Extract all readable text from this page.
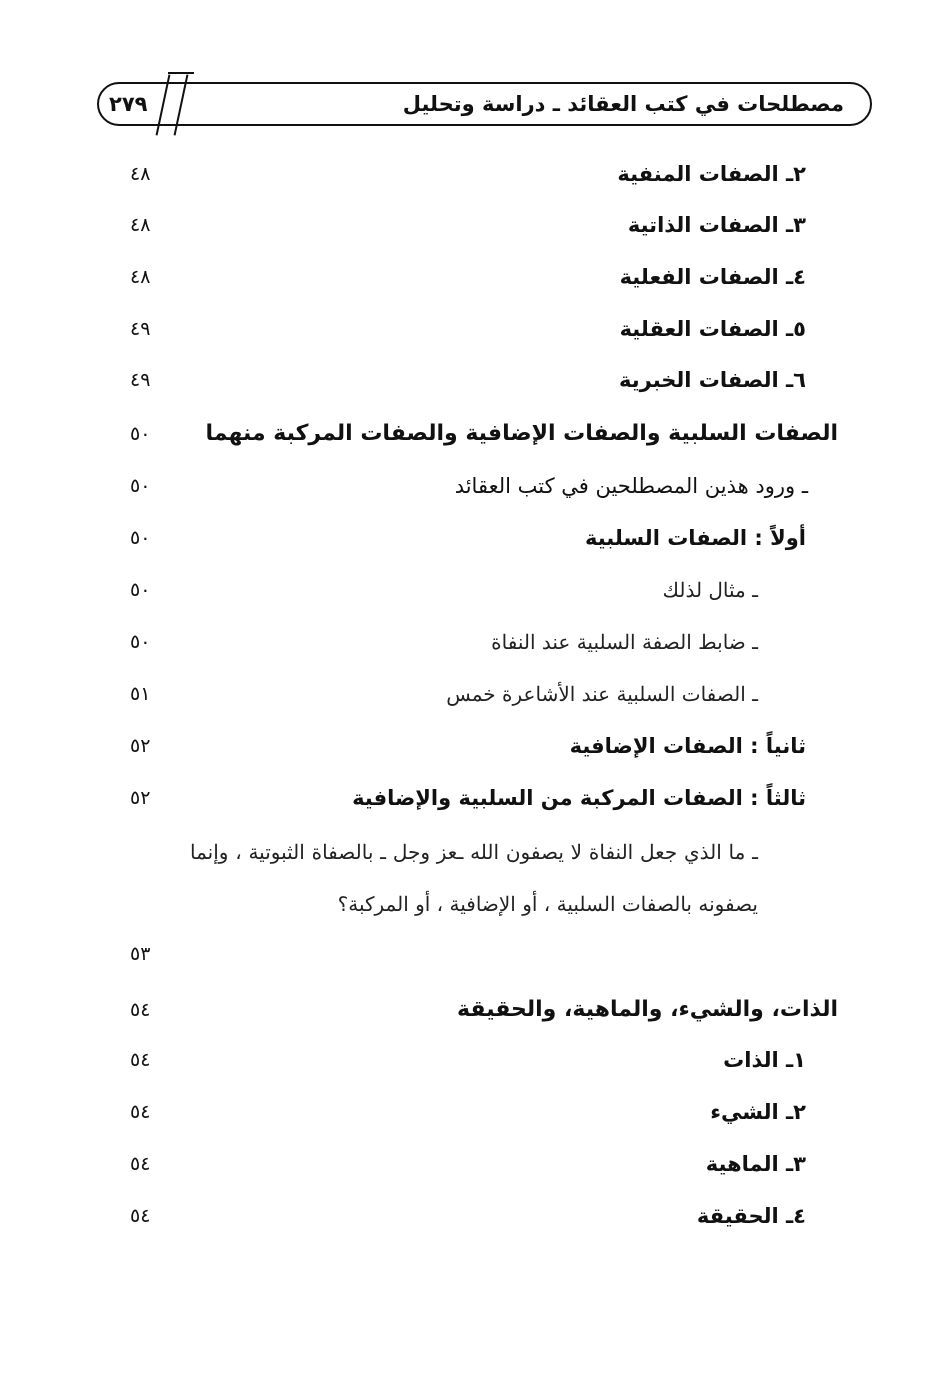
مصطلحات في كتب العقائد ـ دراسة وتحليل
٢٧٩
٢ـ الصفات المنفية
٤٨
٣ـ الصفات الذاتية
٤٨
٤ـ الصفات الفعلية
٤٨
٥ـ الصفات العقلية
٤٩
٦ـ الصفات الخبرية
٤٩
الصفات السلبية والصفات الإضافية والصفات المركبة منهما
٥٠
ـ ورود هذين المصطلحين في كتب العقائد
٥٠
أولاً : الصفات السلبية
٥٠
ـ مثال لذلك
٥٠
ـ ضابط الصفة السلبية عند النفاة
٥٠
ـ الصفات السلبية عند الأشاعرة خمس
٥١
ثانياً : الصفات الإضافية
٥٢
ثالثاً : الصفات المركبة من السلبية والإضافية
٥٢
ـ ما الذي جعل النفاة لا يصفون الله ـعز وجل ـ بالصفاة الثبوتية ، وإنما يصفونه بالصفات السلبية ، أو الإضافية ، أو المركبة؟
٥٣
الذات، والشيء، والماهية، والحقيقة
٥٤
١ـ الذات
٥٤
٢ـ الشيء
٥٤
٣ـ الماهية
٥٤
٤ـ الحقيقة
٥٤
